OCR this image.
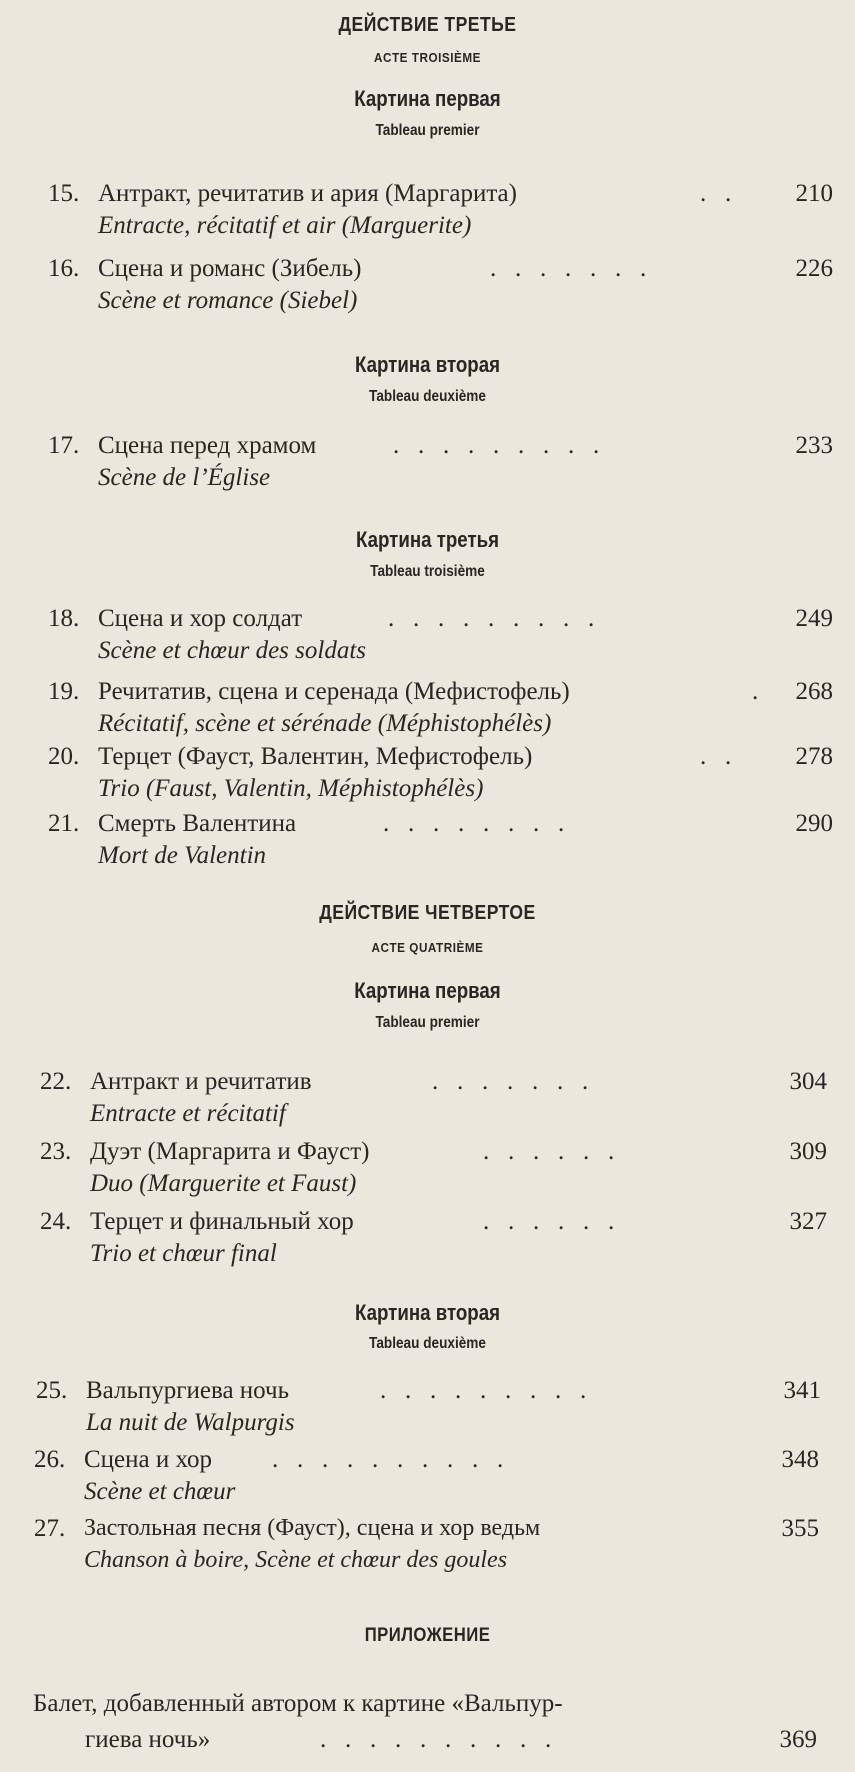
ДЕЙСТВИЕ ТРЕТЬЕ
ACTE TROISIÈME
Картина первая
Tableau premier
15. Антракт, речитатив и ария (Маргарита)	.   .	210
Entracte, récitatif et air (Marguerite)
16. Сцена и романс (Зибель)	.   .   .   .   .   .   .	226
Scène et romance (Siebel)
Картина вторая
Tableau deuxième
17. Сцена перед храмом	.   .   .   .   .   .   .   .   .	233
Scène de l’Église
Картина третья
Tableau troisième
18. Сцена и хор солдат	.   .   .   .   .   .   .   .   .	249
Scène et chœur des soldats
19. Речитатив, сцена и серенада (Мефистофель)	. 268
Récitatif, scène et sérénade (Méphistophélès)
20. Терцет (Фауст, Валентин, Мефистофель)	.   .	278
Trio (Faust, Valentin, Méphistophélès)
21. Смерть Валентина	.   .   .   .   .   .   .   .	290
Mort de Valentin
ДЕЙСТВИЕ ЧЕТВЕРТОЕ
ACTE QUATRIÈME
Картина первая
Tableau premier
22. Антракт и речитатив	.   .   .   .   .   .   .	304
Entracte et récitatif
23. Дуэт (Маргарита и Фауст)	.   .   .   .   .   .	309
Duo (Marguerite et Faust)
24. Терцет и финальный хор	.   .   .   .   .   .	327
Trio et chœur final
Картина вторая
Tableau deuxième
25. Вальпургиева ночь	.   .   .   .   .   .   .   .   .	341
La nuit de Walpurgis
26. Сцена и хор .   .   .   .   .   .   .   .   .   .	348
Scène et chœur
27. Застольная песня (Фауст), сцена и хор ведьм	355
Chanson à boire, Scène et chœur des goules
ПРИЛОЖЕНИЕ
Балет, добавленный автором к картине «Вальпур-
гиева ночь»	.   .   .   .   .   .   .   .   .   .	369
